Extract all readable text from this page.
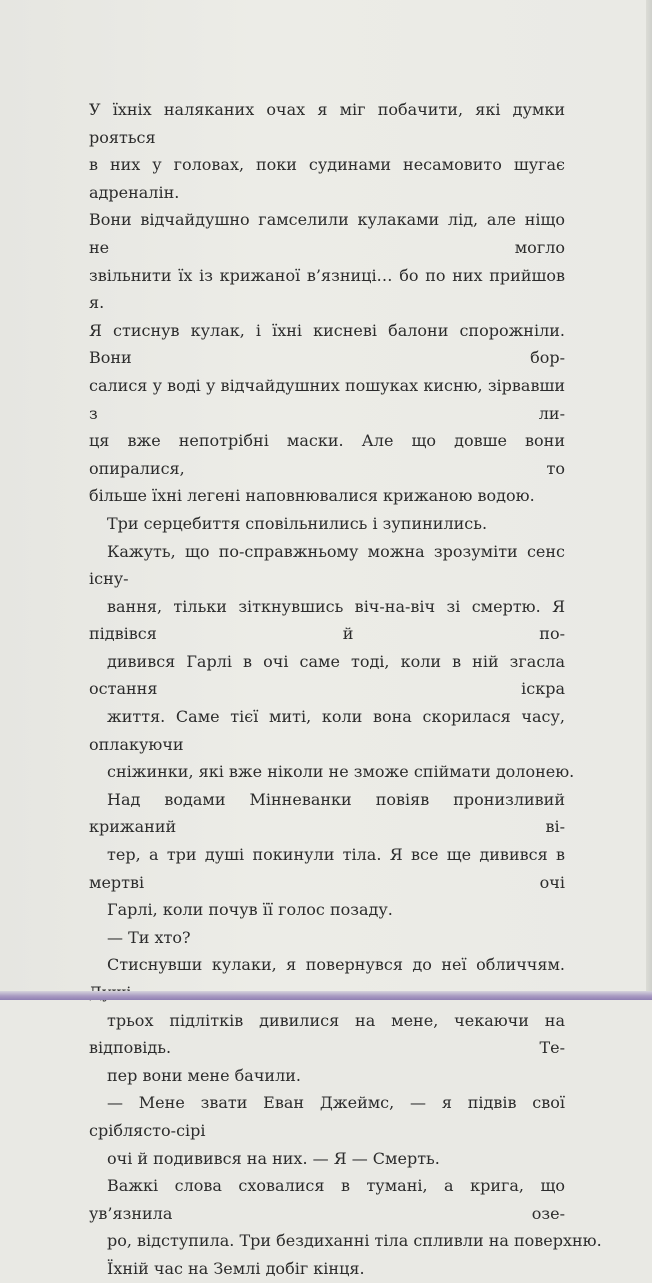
У їхніх наляканих очах я міг побачити, які думки рояться
в них у головах, поки судинами несамовито шугає адреналін.
Вони відчайдушно гамселили кулаками лід, але ніщо не могло
звільнити їх із крижаної в’язниці… бо по них прийшов я.
Я стиснув кулак, і їхні кисневі балони спорожніли. Вони бор-
салися у воді у відчайдушних пошуках кисню, зірвавши з ли-
ця вже непотрібні маски. Але що довше вони опиралися, то
більше їхні легені наповнювалися крижаною водою.

Три серцебиття сповільнились і зупинились.

Кажуть, що по-справжньому можна зрозуміти сенс існу-
вання, тільки зіткнувшись віч-на-віч зі смертю. Я підвівся й по-
дивився Гарлі в очі саме тоді, коли в ній згасла остання іскра
життя. Саме тієї миті, коли вона скорилася часу, оплакуючи
сніжинки, які вже ніколи не зможе спіймати долонею.

Над водами Мінневанки повіяв пронизливий крижаний ві-
тер, а три душі покинули тіла. Я все ще дивився в мертві очі
Гарлі, коли почув її голос позаду.

— Ти хто?

Стиснувши кулаки, я повернувся до неї обличчям.
трьох підлітків дивилися на мене, чекаючи на відповідь. Те-
пер вони мене бачили.

— Мене звати Еван Джеймс, — я підвів свої сріблясто-сірі
очі й подивився на них. — Я — Смерть.

Важкі слова сховалися в тумані, а крига, що ув’язнила озе-
ро, відступила. Три бездиханні тіла спливли на поверхню.

Їхній час на Землі добіг кінця.
